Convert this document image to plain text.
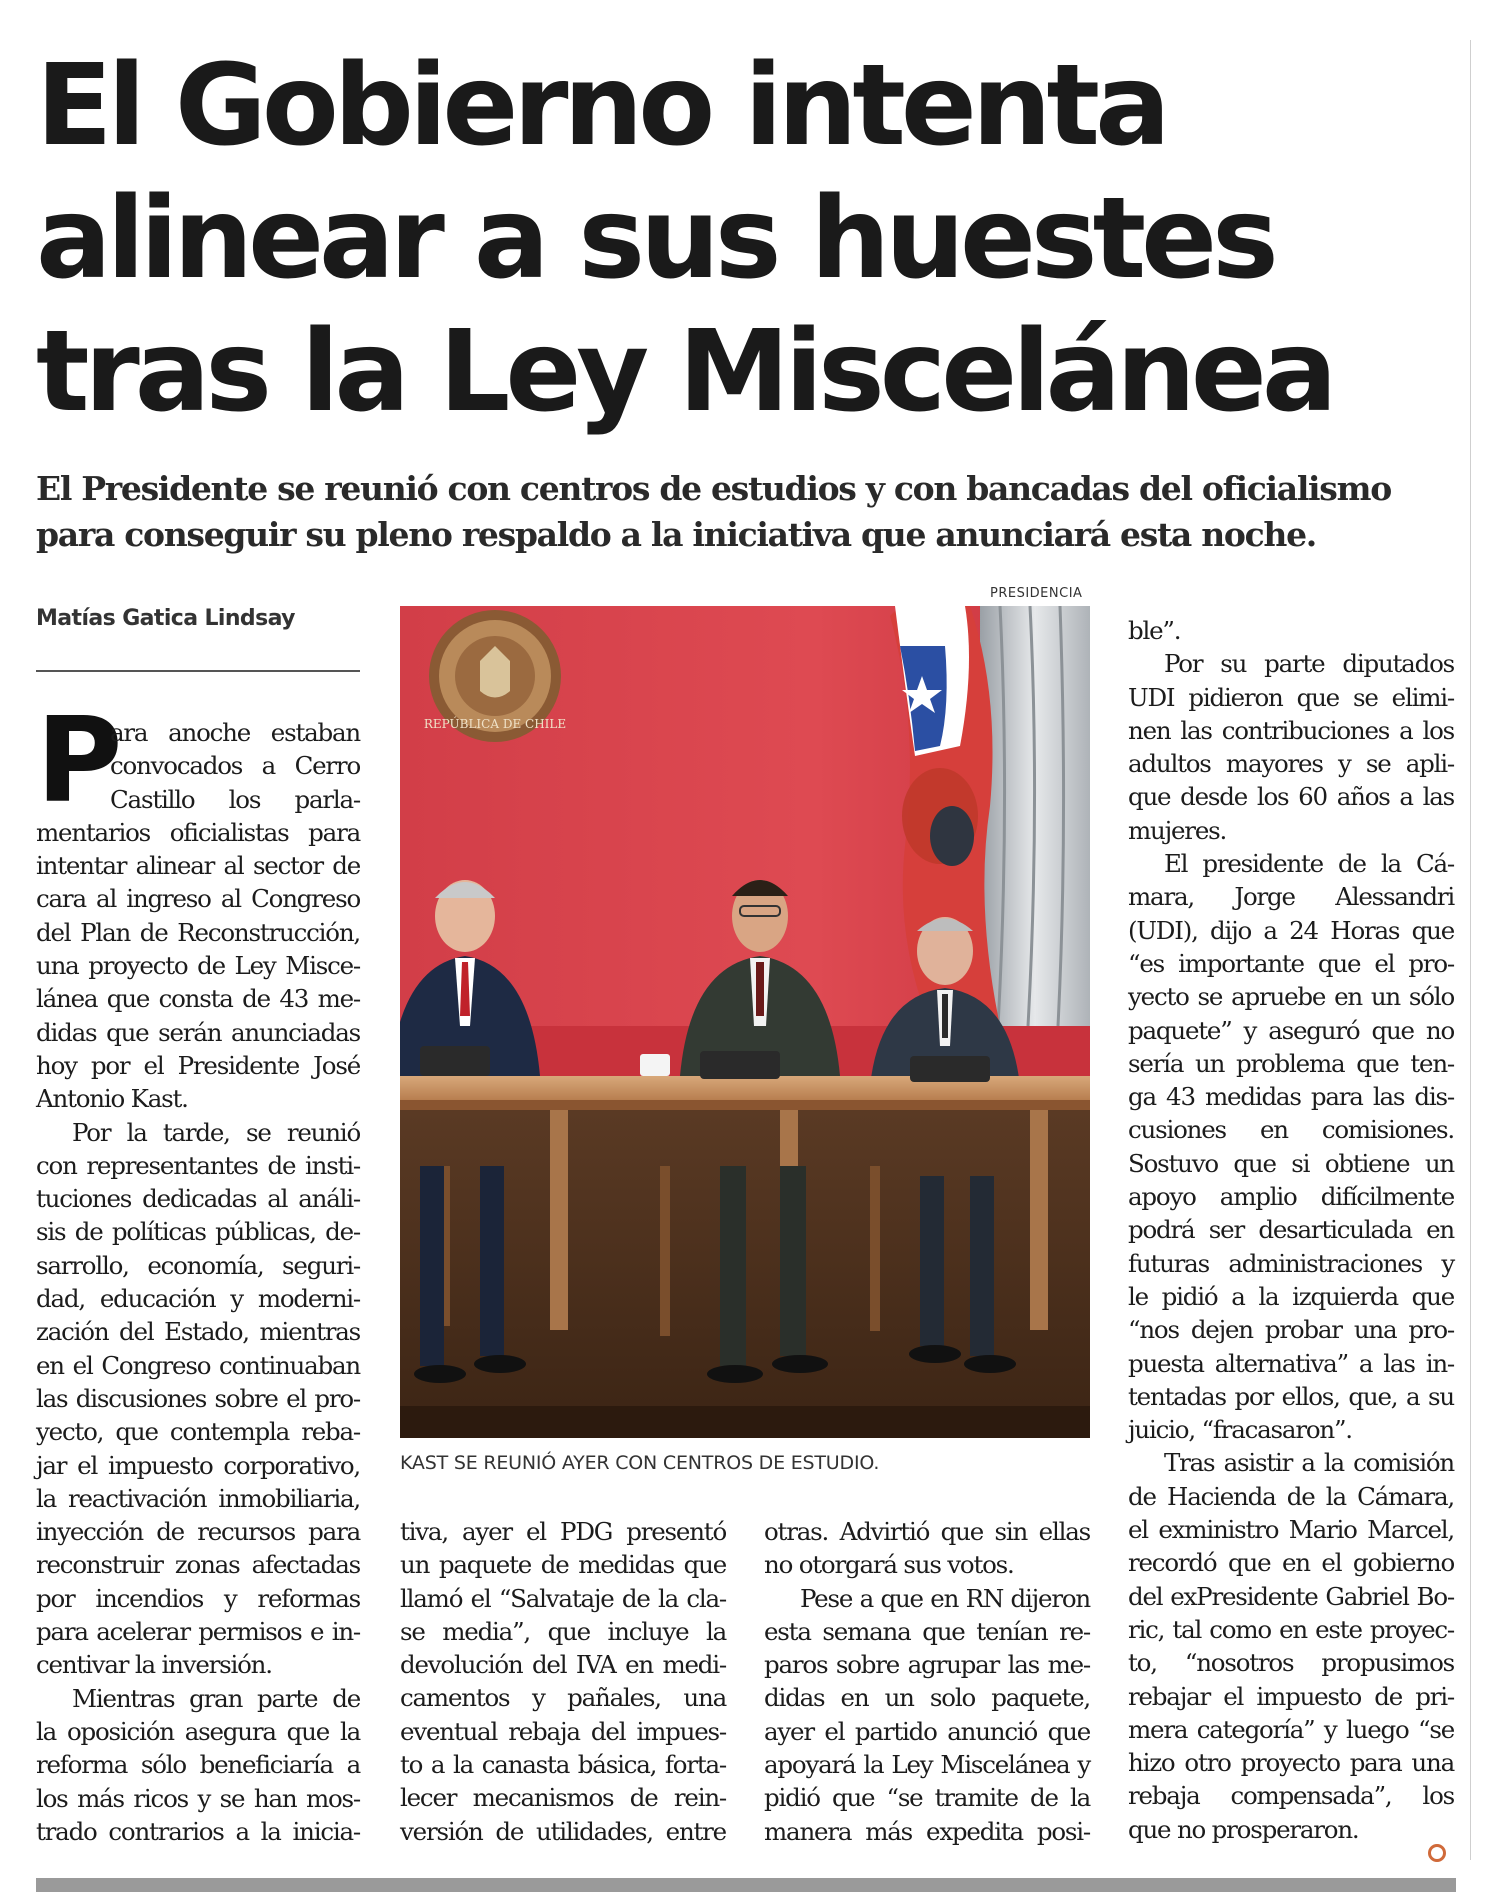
El Gobierno intenta
alinear a sus huestes
tras la Ley Miscelánea

El Presidente se reunió con centros de estudios y con bancadas del oficialismo
para conseguir su pleno respaldo a la iniciativa que anunciará esta noche.

Matías Gatica Lindsay
P
ara anoche estaban
convocados a Cerro
Castillo los parla-
mentarios oficialistas para
intentar alinear al sector de
cara al ingreso al Congreso
del Plan de Reconstrucción,
una proyecto de Ley Misce-
lánea que consta de 43 me-
didas que serán anunciadas
hoy por el Presidente José
Antonio Kast.
Por la tarde, se reunió
con representantes de insti-
tuciones dedicadas al análi-
sis de políticas públicas, de-
sarrollo, economía, seguri-
dad, educación y moderni-
zación del Estado, mientras
en el Congreso continuaban
las discusiones sobre el pro-
yecto, que contempla reba-
jar el impuesto corporativo,
la reactivación inmobiliaria,
inyección de recursos para
reconstruir zonas afectadas
por incendios y reformas
para acelerar permisos e in-
centivar la inversión.
Mientras gran parte de
la oposición asegura que la
reforma sólo beneficiaría a
los más ricos y se han mos-
trado contrarios a la inicia-
PRESIDENCIA
REPÚBLICA DE CHILE
KAST SE REUNIÓ AYER CON CENTROS DE ESTUDIO.
tiva, ayer el PDG presentó
un paquete de medidas que
llamó el “Salvataje de la cla-
se media”, que incluye la
devolución del IVA en medi-
camentos y pañales, una
eventual rebaja del impues-
to a la canasta básica, forta-
lecer mecanismos de rein-
versión de utilidades, entre
otras. Advirtió que sin ellas
no otorgará sus votos.
Pese a que en RN dijeron
esta semana que tenían re-
paros sobre agrupar las me-
didas en un solo paquete,
ayer el partido anunció que
apoyará la Ley Miscelánea y
pidió que “se tramite de la
manera más expedita posi-
ble”.
Por su parte diputados
UDI pidieron que se elimi-
nen las contribuciones a los
adultos mayores y se apli-
que desde los 60 años a las
mujeres.
El presidente de la Cá-
mara, Jorge Alessandri
(UDI), dijo a 24 Horas que
“es importante que el pro-
yecto se apruebe en un sólo
paquete” y aseguró que no
sería un problema que ten-
ga 43 medidas para las dis-
cusiones en comisiones.
Sostuvo que si obtiene un
apoyo amplio difícilmente
podrá ser desarticulada en
futuras administraciones y
le pidió a la izquierda que
“nos dejen probar una pro-
puesta alternativa” a las in-
tentadas por ellos, que, a su
juicio, “fracasaron”.
Tras asistir a la comisión
de Hacienda de la Cámara,
el exministro Mario Marcel,
recordó que en el gobierno
del exPresidente Gabriel Bo-
ric, tal como en este proyec-
to, “nosotros propusimos
rebajar el impuesto de pri-
mera categoría” y luego “se
hizo otro proyecto para una
rebaja compensada”, los
que no prosperaron.
